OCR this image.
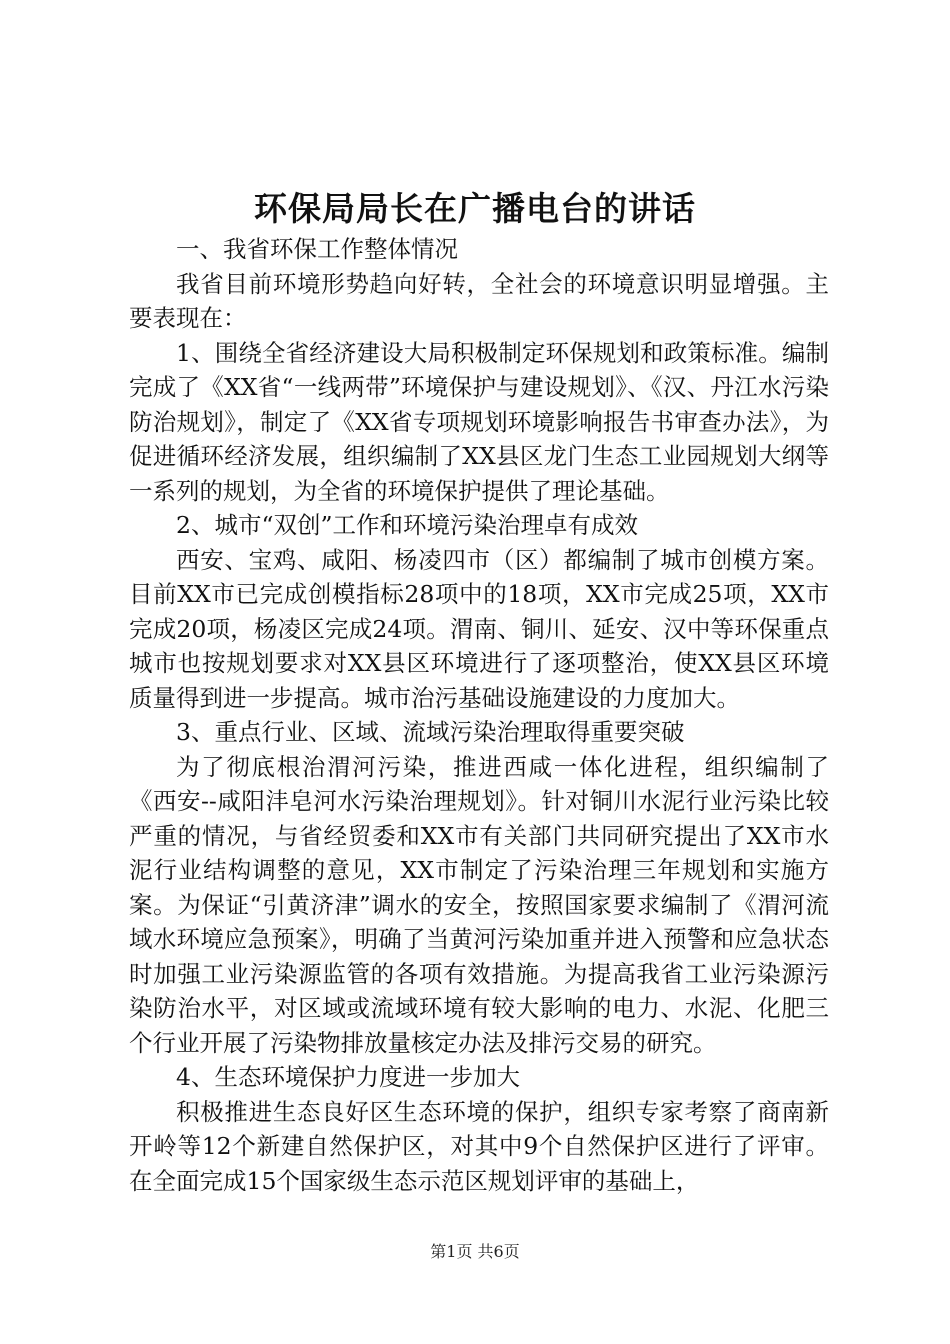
环保局局长在广播电台的讲话

一、我省环保工作整体情况

我省目前环境形势趋向好转，全社会的环境意识明显增强。主要表现在：

1、围绕全省经济建设大局积极制定环保规划和政策标准。编制完成了《XX省“一线两带”环境保护与建设规划》、《汉、丹江水污染防治规划》，制定了《XX省专项规划环境影响报告书审查办法》，为促进循环经济发展，组织编制了XX县区龙门生态工业园规划大纲等一系列的规划，为全省的环境保护提供了理论基础。

2、城市“双创”工作和环境污染治理卓有成效

西安、宝鸡、咸阳、杨凌四市（区）都编制了城市创模方案。目前XX市已完成创模指标28项中的18项，XX市完成25项，XX市完成20项，杨凌区完成24项。渭南、铜川、延安、汉中等环保重点城市也按规划要求对XX县区环境进行了逐项整治，使XX县区环境质量得到进一步提高。城市治污基础设施建设的力度加大。

3、重点行业、区域、流域污染治理取得重要突破

为了彻底根治渭河污染，推进西咸一体化进程，组织编制了《西安--咸阳沣皂河水污染治理规划》。针对铜川水泥行业污染比较严重的情况，与省经贸委和XX市有关部门共同研究提出了XX市水泥行业结构调整的意见，XX市制定了污染治理三年规划和实施方案。为保证“引黄济津”调水的安全，按照国家要求编制了《渭河流域水环境应急预案》，明确了当黄河污染加重并进入预警和应急状态时加强工业污染源监管的各项有效措施。为提高我省工业污染源污染防治水平，对区域或流域环境有较大影响的电力、水泥、化肥三个行业开展了污染物排放量核定办法及排污交易的研究。

4、生态环境保护力度进一步加大

积极推进生态良好区生态环境的保护，组织专家考察了商南新开岭等12个新建自然保护区，对其中9个自然保护区进行了评审。在全面完成15个国家级生态示范区规划评审的基础上，

第1页 共6页
